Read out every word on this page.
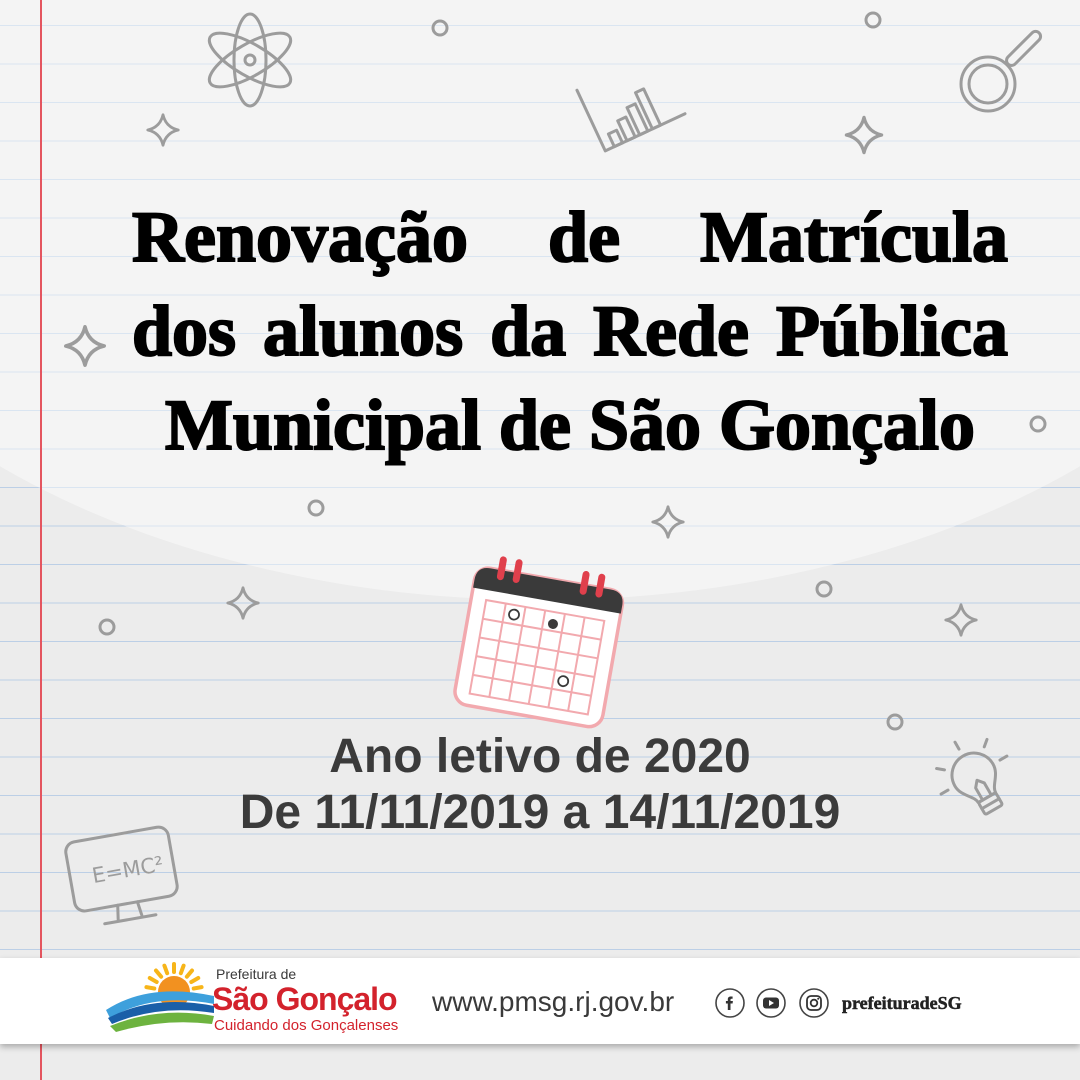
E=MC²
Renovação de Matrícula
dos alunos da Rede Pública
Municipal de São Gonçalo
Ano letivo de 2020
De 11/11/2019 a 14/11/2019
Prefeitura de
São Gonçalo
Cuidando dos Gonçalenses
www.pmsg.rj.gov.br	prefeituradeSG
